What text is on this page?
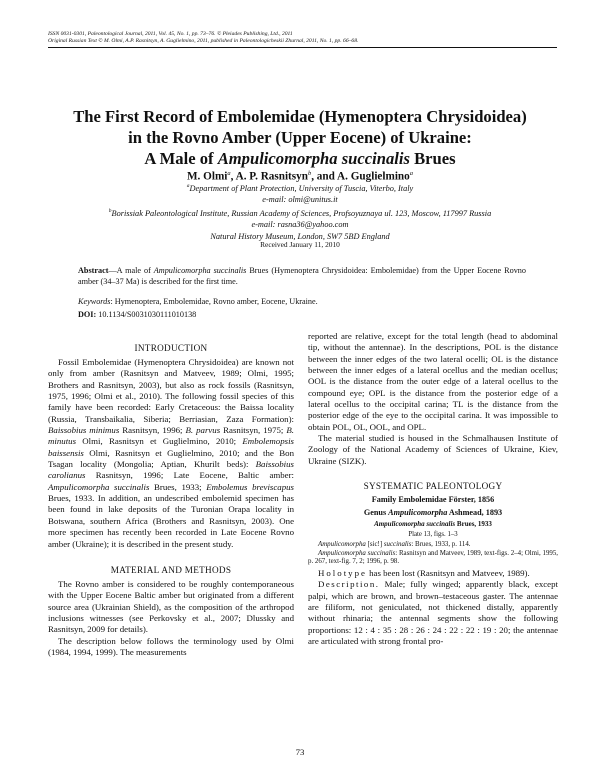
ISSN 0031-0301, Paleontological Journal, 2011, Vol. 45, No. 1, pp. 73–76. © Pleiades Publishing, Ltd., 2011
Original Russian Text © M. Olmi, A.P. Rasnitsyn, A. Guglielmino, 2011, published in Paleontologicheskii Zhurnal, 2011, No. 1, pp. 66–68.
The First Record of Embolemidae (Hymenoptera Chrysidoidea)
in the Rovno Amber (Upper Eocene) of Ukraine:
A Male of Ampulicomorpha succinalis Brues
M. Olmi$^a$, A. P. Rasnitsyn$^b$, and A. Guglielmino$^a$
$^a$Department of Plant Protection, University of Tuscia, Viterbo, Italy
e-mail: olmi@unitus.it
$^b$Borissiak Paleontological Institute, Russian Academy of Sciences, Profsoyuznaya ul. 123, Moscow, 117997 Russia
e-mail: rasna36@yahoo.com
Natural History Museum, London, SW7 5BD England
Received January 11, 2010
Abstract—A male of Ampulicomorpha succinalis Brues (Hymenoptera Chrysidoidea: Embolemidae) from the Upper Eocene Rovno amber (34–37 Ma) is described for the first time.
Keywords: Hymenoptera, Embolemidae, Rovno amber, Eocene, Ukraine.
DOI: 10.1134/S0031030111010138
INTRODUCTION

Fossil Embolemidae (Hymenoptera Chrysidoidea) are known not only from amber (Rasnitsyn and Matveev, 1989; Olmi, 1995; Brothers and Rasnitsyn, 2003), but also as rock fossils (Rasnitsyn, 1975, 1996; Olmi et al., 2010). The following fossil species of this family have been recorded: Early Cretaceous: the Baissa locality (Russia, Transbaikalia, Siberia; Berriasian, Zaza Formation): Baissobius minimus Rasnitsyn, 1996; B. parvus Rasnitsyn, 1975; B. minutus Olmi, Rasnitsyn et Guglielmino, 2010; Embolemopsis baissensis Olmi, Rasnitsyn et Guglielmino, 2010; and the Bon Tsagan locality (Mongolia; Aptian, Khurilt beds): Baissobius carolianus Rasnitsyn, 1996; Late Eocene, Baltic amber: Ampulicomorpha succinalis Brues, 1933; Embolemus breviscapus Brues, 1933. In addition, an undescribed embolemid specimen has been found in lake deposits of the Turonian Orapa locality in Botswana, southern Africa (Brothers and Rasnitsyn, 2003). One more specimen has recently been recorded in Late Eocene Rovno amber (Ukraine); it is described in the present study.

MATERIAL AND METHODS

The Rovno amber is considered to be roughly contemporaneous with the Upper Eocene Baltic amber but originated from a different source area (Ukrainian Shield), as the composition of the arthropod inclusions witnesses (see Perkovsky et al., 2007; Dlussky and Rasnitsyn, 2009 for details).

The description below follows the terminology used by Olmi (1984, 1994, 1999). The measurements

reported are relative, except for the total length (head to abdominal tip, without the antennae). In the descriptions, POL is the distance between the inner edges of the two lateral ocelli; OL is the distance between the inner edges of a lateral ocellus and the median ocellus; OOL is the distance from the outer edge of a lateral ocellus to the compound eye; OPL is the distance from the posterior edge of a lateral ocellus to the occipital carina; TL is the distance from the posterior edge of the eye to the occipital carina. It was impossible to obtain POL, OL, OOL, and OPL.

The material studied is housed in the Schmalhausen Institute of Zoology of the National Academy of Sciences of Ukraine, Kiev, Ukraine (SIZK).

SYSTEMATIC PALEONTOLOGY
Family Embolemidae Förster, 1856
Genus Ampulicomorpha Ashmead, 1893
Ampulicomorpha succinalis Brues, 1933
Plate 13, figs. 1–3
Ampulicomorpha [sic!] succinalis: Brues, 1933, p. 114.
Ampulicomorpha succinalis: Rasnitsyn and Matveev, 1989, text-figs. 2–4; Olmi, 1995, p. 267, text-fig. 7, 2; 1996, p. 98.

Holotype has been lost (Rasnitsyn and Matveev, 1989).

Description. Male; fully winged; apparently black, except palpi, which are brown, and brown–testaceous gaster. The antennae are filiform, not geniculated, not thickened distally, apparently without rhinaria; the antennal segments show the following proportions: 12 : 4 : 35 : 28 : 26 : 24 : 22 : 22 : 19 : 20; the antennae are articulated with strong frontal pro-

73
